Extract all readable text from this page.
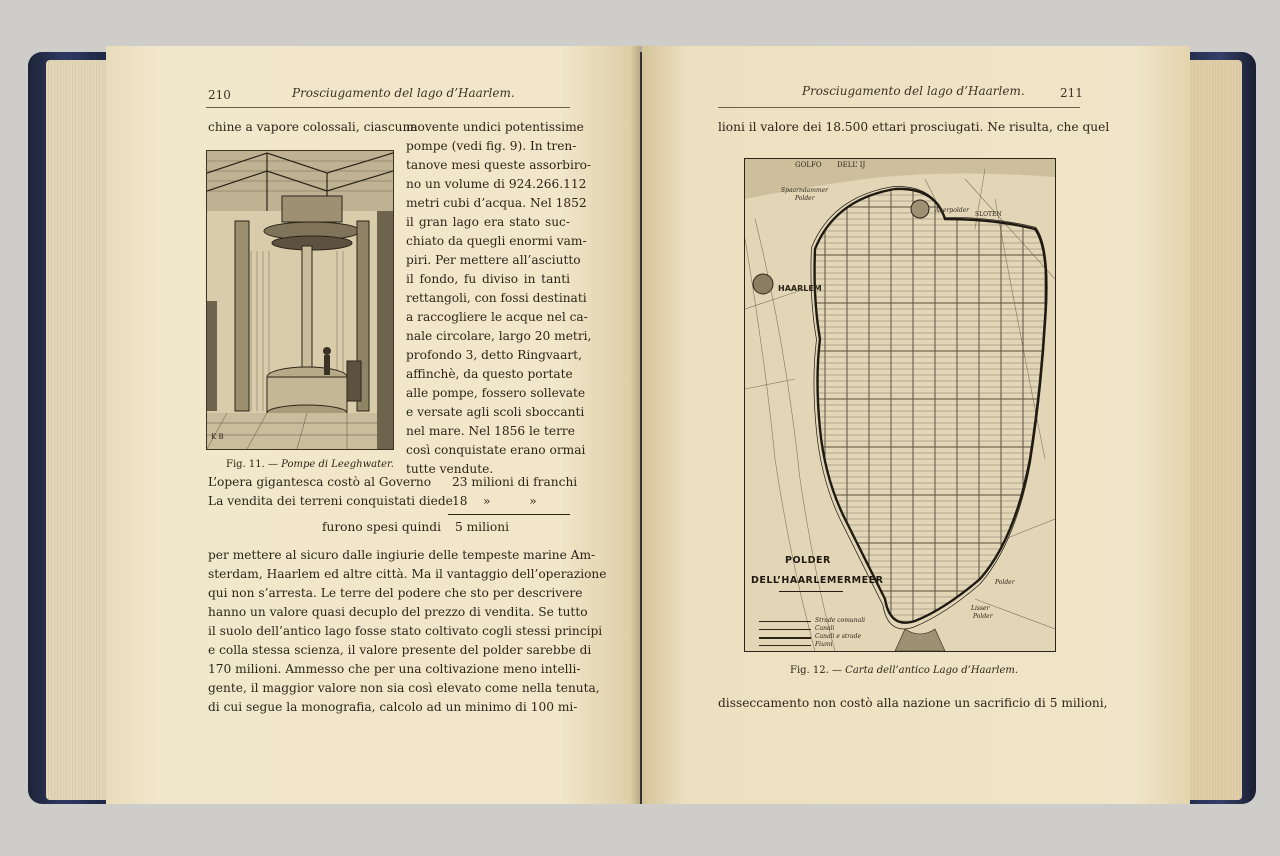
210	Prosciugamento del lago d’Haarlem.
chine a vapore colossali, ciascuna
movente undici potentissime
pompe (vedi fig. 9). In tren-
tanove mesi queste assorbiro-
no un volume di 924.266.112
metri cubi d’acqua. Nel 1852
il gran lago era stato suc-
chiato da quegli enormi vam-
piri. Per mettere all’asciutto
il fondo, fu diviso in tanti
rettangoli, con fossi destinati
a raccogliere le acque nel ca-
nale circolare, largo 20 metri,
profondo 3, detto Ringvaart,
affinchè, da questo portate
alle pompe, fossero sollevate
e versate agli scoli sboccanti
nel mare. Nel 1856 le terre
così conquistate erano ormai
tutte vendute.
K B
Fig. 11. — Pompe di Leeghwater.
L’opera gigantesca costò al Governo 23 milioni di franchi
La vendita dei terreni conquistati diede 18    »          »
furono spesi quindi 5 milioni
per mettere al sicuro dalle ingiurie delle tempeste marine Am-
sterdam, Haarlem ed altre città. Ma il vantaggio dell’operazione
qui non s’arresta. Le terre del podere che sto per descrivere
hanno un valore quasi decuplo del prezzo di vendita. Se tutto
il suolo dell’antico lago fosse stato coltivato cogli stessi principi
e colla stessa scienza, il valore presente del polder sarebbe di
170 milioni. Ammesso che per una coltivazione meno intelli-
gente, il maggior valore non sia così elevato come nella tenuta,
di cui segue la monografia, calcolo ad un minimo di 100 mi-
Prosciugamento del lago d’Haarlem.	211
lioni il valore dei 18.500 ettari prosciugati. Ne risulta, che quel
GOLFO DELL’ IJ
Spaarndammer
Polder
Akerpolder
SLOTEN
Polder
Lisser
Polder
HAARLEM
POLDER
DELL’HAARLEMERMEER
Strade comunali
Canali
Canali e strade
Fiumi
Fig. 12. — Carta dell’antico Lago d’Haarlem.
disseccamento non costò alla nazione un sacrificio di 5 milioni,
